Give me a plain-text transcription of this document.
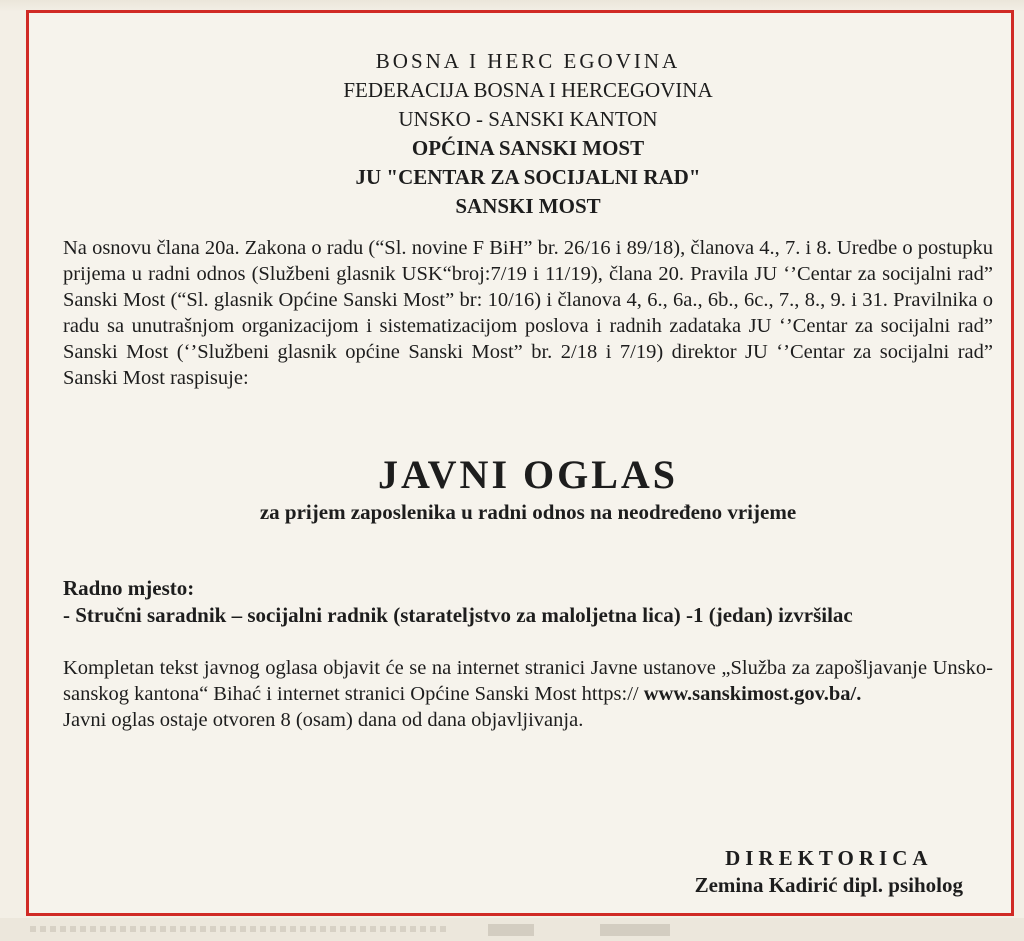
BOSNA I HERC EGOVINA
FEDERACIJA BOSNA I HERCEGOVINA
UNSKO - SANSKI KANTON
OPĆINA SANSKI MOST
JU "CENTAR ZA SOCIJALNI RAD"
SANSKI MOST

Na osnovu člana 20a. Zakona o radu (“Sl. novine F BiH” br. 26/16 i 89/18), članova 4., 7. i 8. Uredbe o postupku prijema u radni odnos (Službeni glasnik USK“broj:7/19 i 11/19), člana 20. Pravila JU ‘’Centar za socijalni rad” Sanski Most (“Sl. glasnik Općine Sanski Most” br: 10/16) i članova 4, 6., 6a., 6b., 6c., 7., 8., 9. i 31. Pravilnika o radu sa unutrašnjom organizacijom i sistematizacijom poslova i radnih zadataka JU ‘’Centar za socijalni rad” Sanski Most (‘’Službeni glasnik općine Sanski Most” br. 2/18 i 7/19) direktor JU ‘’Centar za socijalni rad” Sanski Most raspisuje:

JAVNI OGLAS
za prijem zaposlenika u radni odnos na neodređeno vrijeme
Radno mjesto:
- Stručni saradnik – socijalni radnik (starateljstvo za maloljetna lica) -1 (jedan) izvršilac
Kompletan tekst javnog oglasa objavit će se na internet stranici Javne ustanove „Služba za zapošljavanje Unsko-sanskog kantona“ Bihać i internet stranici Općine Sanski Most https:// www.sanskimost.gov.ba/.
Javni oglas ostaje otvoren 8 (osam) dana od dana objavljivanja.
DIREKTORICA
Zemina Kadirić dipl. psiholog
